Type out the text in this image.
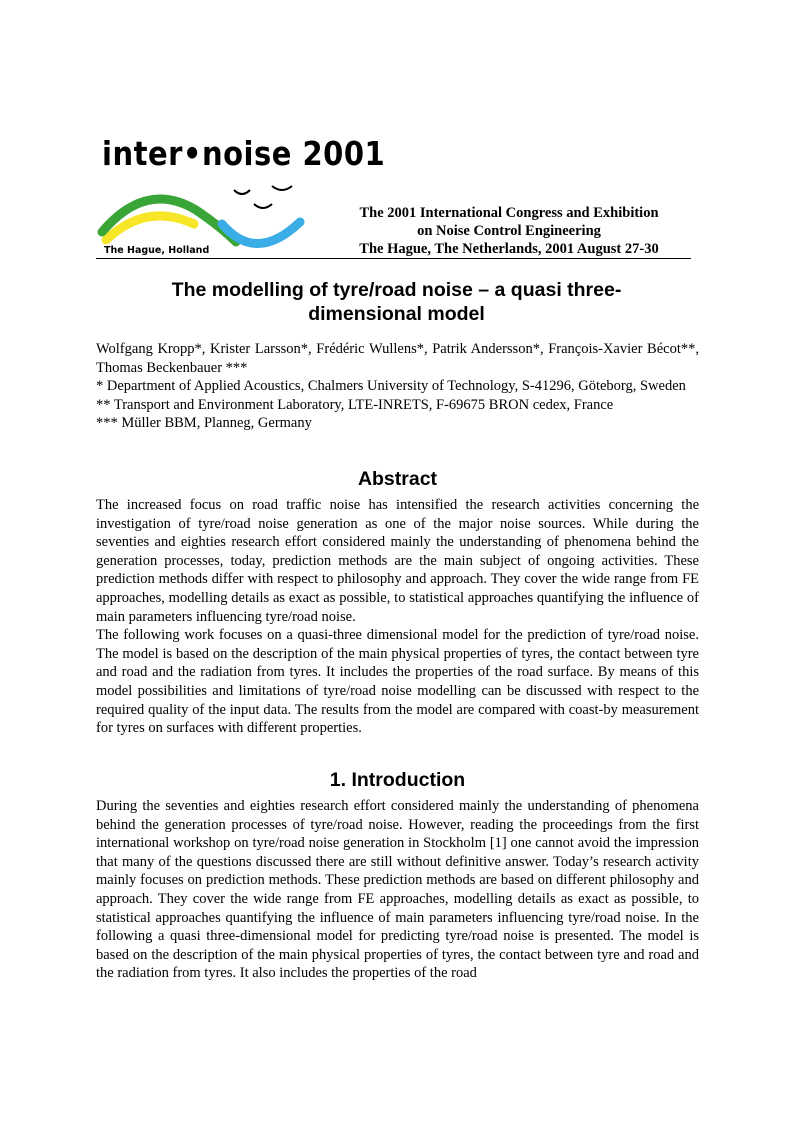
inter•noise 2001
The Hague, Holland
The 2001 International Congress and Exhibition
on Noise Control Engineering
The Hague, The Netherlands, 2001 August 27-30
The modelling of tyre/road noise – a quasi three-dimensional model

Wolfgang Kropp*, Krister Larsson*, Frédéric Wullens*, Patrik Andersson*, François-Xavier Bécot**, Thomas Beckenbauer ***

* Department of Applied Acoustics, Chalmers University of Technology, S-41296, Göteborg, Sweden

** Transport and Environment Laboratory, LTE-INRETS, F-69675 BRON cedex, France

*** Müller BBM, Planneg, Germany

Abstract

The increased focus on road traffic noise has intensified the research activities concerning the investigation of tyre/road noise generation as one of the major noise sources. While during the seventies and eighties research effort considered mainly the understanding of phenomena behind the generation processes, today, prediction methods are the main subject of ongoing activities. These prediction methods differ with respect to philosophy and approach. They cover the wide range from FE approaches, modelling details as exact as possible, to statistical approaches quantifying the influence of main parameters influencing tyre/road noise.

The following work focuses on a quasi-three dimensional model for the prediction of tyre/road noise. The model is based on the description of the main physical properties of tyres, the contact between tyre and road and the radiation from tyres. It includes the properties of the road surface. By means of this model possibilities and limitations of tyre/road noise modelling can be discussed with respect to the required quality of the input data. The results from the model are compared with coast-by measurement for tyres on surfaces with different properties.

1. Introduction

During the seventies and eighties research effort considered mainly the understanding of phenomena behind the generation processes of tyre/road noise. However, reading the proceedings from the first international workshop on tyre/road noise generation in Stockholm [1] one cannot avoid the impression that many of the questions discussed there are still without definitive answer. Today’s research activity mainly focuses on prediction methods. These prediction methods are based on different philosophy and approach. They cover the wide range from FE approaches, modelling details as exact as possible, to statistical approaches quantifying the influence of main parameters influencing tyre/road noise. In the following a quasi three-dimensional model for predicting tyre/road noise is presented. The model is based on the description of the main physical properties of tyres, the contact between tyre and road and the radiation from tyres. It also includes the properties of the road
